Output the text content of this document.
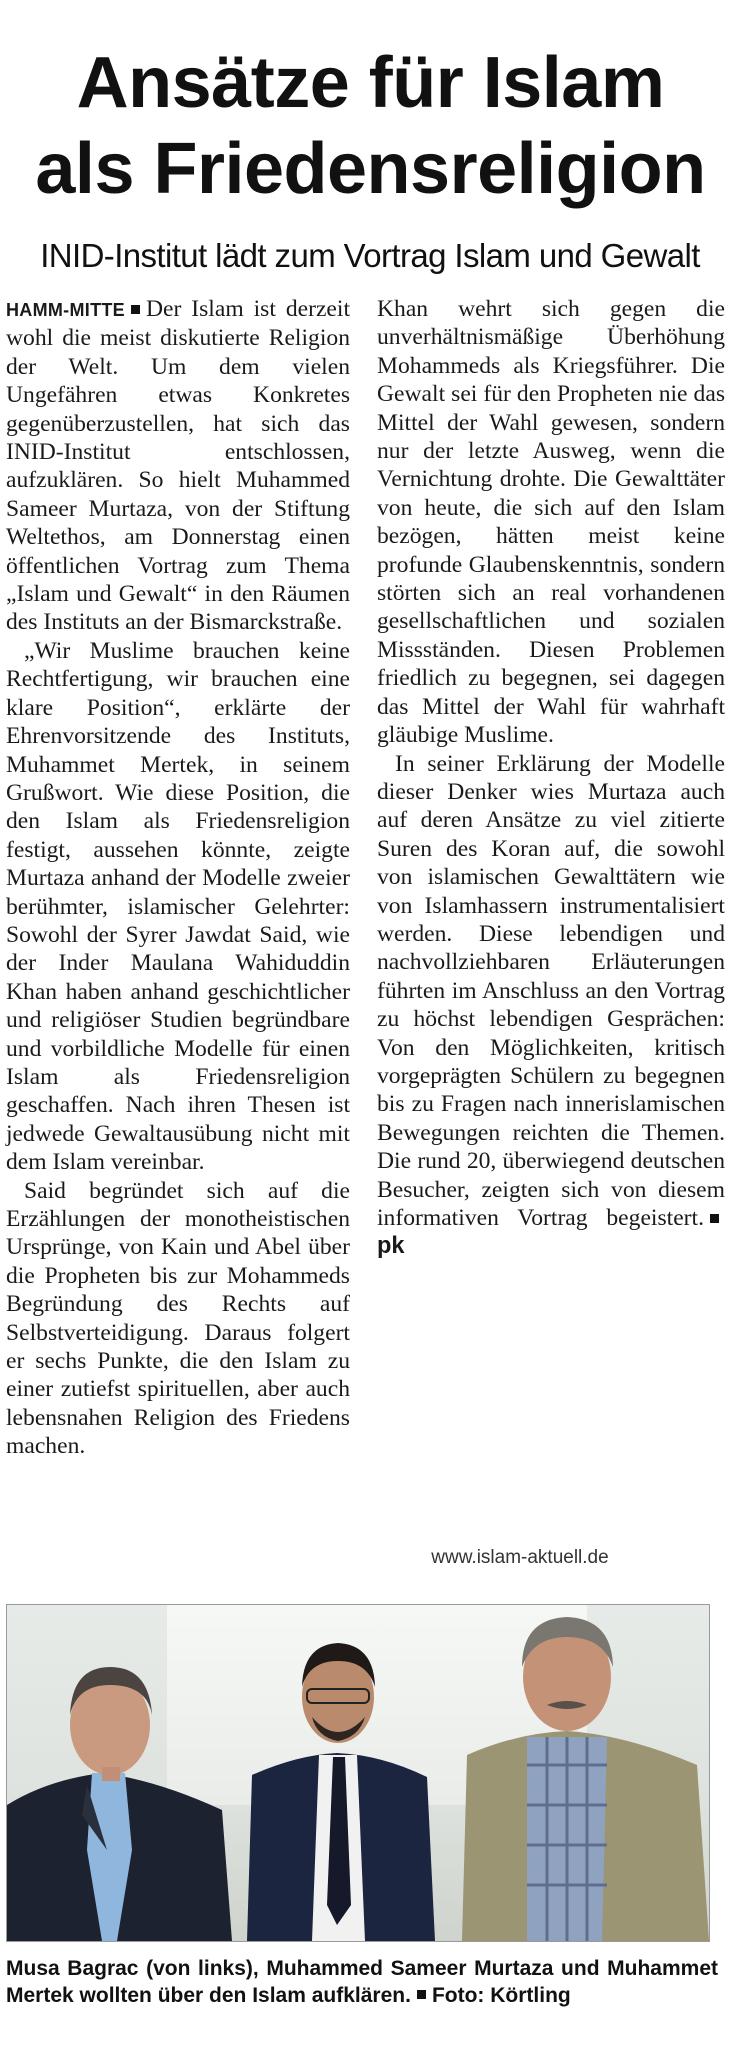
Ansätze für Islam
als Friedensreligion
INID-Institut lädt zum Vortrag Islam und Gewalt

HAMM-MITTE Der Islam ist derzeit wohl die meist diskutierte Religion der Welt. Um dem vielen Ungefähren etwas Konkretes gegenüberzustellen, hat sich das INID-Institut entschlossen, aufzuklären. So hielt Muhammed Sameer Murtaza, von der Stiftung Weltethos, am Donnerstag einen öffentlichen Vortrag zum Thema „Islam und Gewalt“ in den Räumen des Instituts an der Bismarckstraße.

„Wir Muslime brauchen keine Rechtfertigung, wir brauchen eine klare Position“, erklärte der Ehrenvorsitzende des Instituts, Muhammet Mertek, in seinem Grußwort. Wie diese Position, die den Islam als Friedensreligion festigt, aussehen könnte, zeigte Murtaza anhand der Modelle zweier berühmter, islamischer Gelehrter: Sowohl der Syrer Jawdat Said, wie der Inder Maulana Wahiduddin Khan haben anhand geschichtlicher und religiöser Studien begründbare und vorbildliche Modelle für einen Islam als Friedensreligion geschaffen. Nach ihren Thesen ist jedwede Gewaltausübung nicht mit dem Islam vereinbar.

Said begründet sich auf die Erzählungen der monotheistischen Ursprünge, von Kain und Abel über die Propheten bis zur Mohammeds Begründung des Rechts auf Selbstverteidigung. Daraus folgert er sechs Punkte, die den Islam zu einer zutiefst spirituellen, aber auch lebensnahen Religion des Friedens machen.

Khan wehrt sich gegen die unverhältnismäßige Überhöhung Mohammeds als Kriegsführer. Die Gewalt sei für den Propheten nie das Mittel der Wahl gewesen, sondern nur der letzte Ausweg, wenn die Vernichtung drohte. Die Gewalttäter von heute, die sich auf den Islam bezögen, hätten meist keine profunde Glaubenskenntnis, sondern störten sich an real vorhandenen gesellschaftlichen und sozialen Missständen. Diesen Problemen friedlich zu begegnen, sei dagegen das Mittel der Wahl für wahrhaft gläubige Muslime.

In seiner Erklärung der Modelle dieser Denker wies Murtaza auch auf deren Ansätze zu viel zitierte Suren des Koran auf, die sowohl von islamischen Gewalttätern wie von Islamhassern instrumentalisiert werden. Diese lebendigen und nachvollziehbaren Erläuterungen führten im Anschluss an den Vortrag zu höchst lebendigen Gesprächen: Von den Möglichkeiten, kritisch vorgeprägten Schülern zu begegnen bis zu Fragen nach innerislamischen Bewegungen reichten die Themen. Die rund 20, überwiegend deutschen Besucher, zeigten sich von diesem informativen Vortrag begeistert.pk

www.islam-aktuell.de
Musa Bagrac (von links), Muhammed Sameer Murtaza und Muhammet Mertek wollten über den Islam aufklären. Foto: Körtling
